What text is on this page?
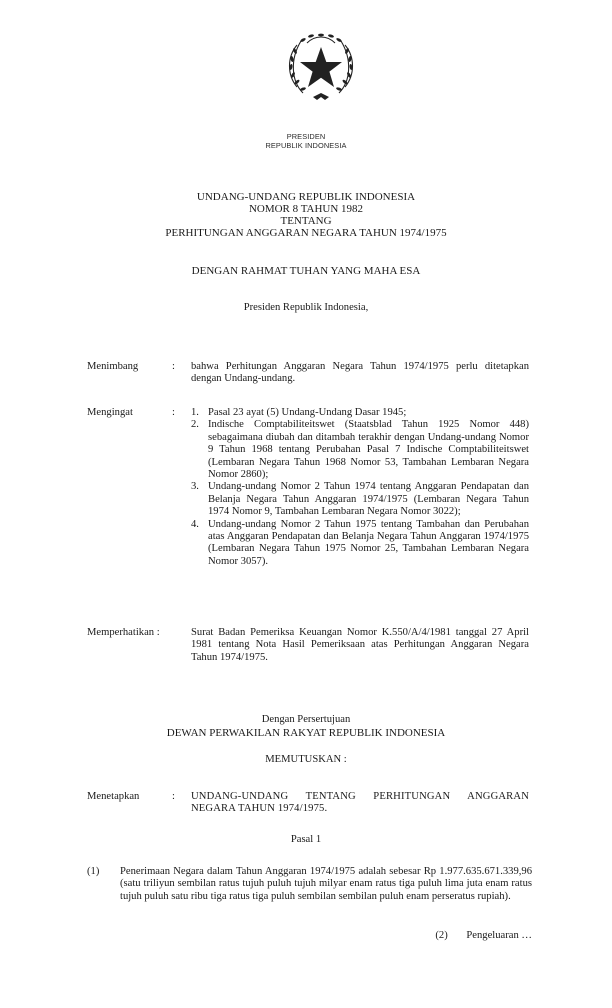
PRESIDEN
REPUBLIK INDONESIA
UNDANG-UNDANG REPUBLIK INDONESIA
NOMOR 8 TAHUN 1982
TENTANG
PERHITUNGAN ANGGARAN NEGARA TAHUN 1974/1975
DENGAN RAHMAT TUHAN YANG MAHA ESA
Presiden Republik Indonesia,
Menimbang	: bahwa Perhitungan Anggaran Negara Tahun 1974/1975 perlu ditetapkan dengan Undang-undang.
Mengingat	: 1. Pasal 23 ayat (5) Undang-Undang Dasar 1945;
2. Indische Comptabiliteitswet (Staatsblad Tahun 1925 Nomor 448) sebagaimana diubah dan ditambah terakhir dengan Undang-undang Nomor 9 Tahun 1968 tentang Perubahan Pasal 7 Indische Comptabiliteitswet (Lembaran Negara Tahun 1968 Nomor 53, Tambahan Lembaran Negara Nomor 2860);
3. Undang-undang Nomor 2 Tahun 1974 tentang Anggaran Pendapatan dan Belanja Negara Tahun Anggaran 1974/1975 (Lembaran Negara Tahun 1974 Nomor 9, Tambahan Lembaran Negara Nomor 3022);
4. Undang-undang Nomor 2 Tahun 1975 tentang Tambahan dan Perubahan atas Anggaran Pendapatan dan Belanja Negara Tahun Anggaran 1974/1975 (Lembaran Negara Tahun 1975 Nomor 25, Tambahan Lembaran Negara Nomor 3057).
Memperhatikan :	Surat Badan Pemeriksa Keuangan Nomor K.550/A/4/1981 tanggal 27 April 1981 tentang Nota Hasil Pemeriksaan atas Perhitungan Anggaran Negara Tahun 1974/1975.
Dengan Persertujuan
DEWAN PERWAKILAN RAKYAT REPUBLIK INDONESIA
MEMUTUSKAN :
Menetapkan	: UNDANG-UNDANG TENTANG PERHITUNGAN ANGGARAN NEGARA TAHUN 1974/1975.
Pasal 1
(1) Penerimaan Negara dalam Tahun Anggaran 1974/1975 adalah sebesar Rp 1.977.635.671.339,96 (satu triliyun sembilan ratus tujuh puluh tujuh milyar enam ratus tiga puluh lima juta enam ratus tujuh puluh satu ribu tiga ratus tiga puluh sembilan sembilan puluh enam perseratus rupiah).
(2) Pengeluaran …
